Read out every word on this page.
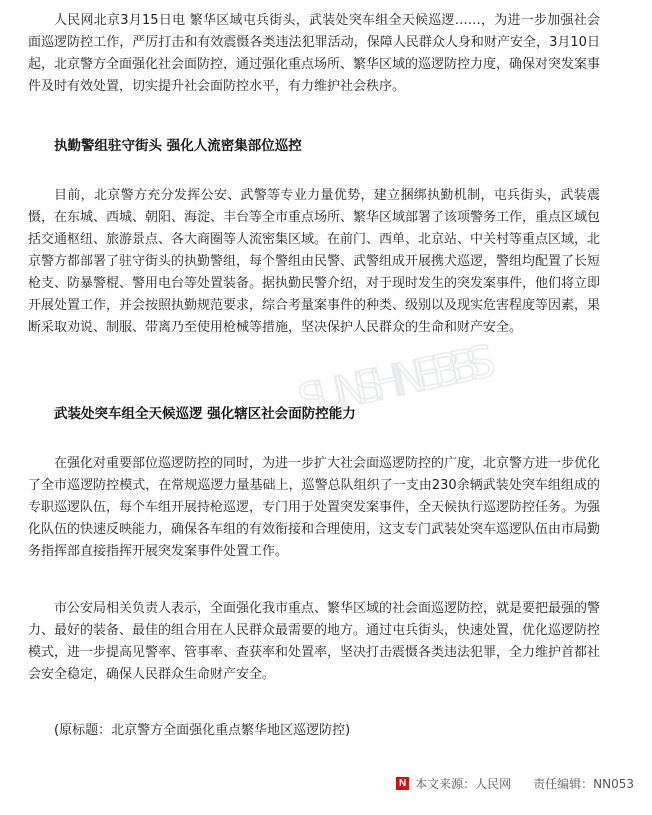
人民网北京3月15日电 繁华区域屯兵街头，武装处突车组全天候巡逻……，为进一步加强社会面巡逻防控工作，严厉打击和有效震慑各类违法犯罪活动，保障人民群众人身和财产安全，3月10日起，北京警方全面强化社会面防控，通过强化重点场所、繁华区域的巡逻防控力度，确保对突发案事件及时有效处置，切实提升社会面防控水平，有力维护社会秩序。

执勤警组驻守街头 强化人流密集部位巡控

目前，北京警方充分发挥公安、武警等专业力量优势，建立捆绑执勤机制，屯兵街头，武装震慑，在东城、西城、朝阳、海淀、丰台等全市重点场所、繁华区域部署了该项警务工作，重点区域包括交通枢纽、旅游景点、各大商圈等人流密集区域。在前门、西单、北京站、中关村等重点区域，北京警方都部署了驻守街头的执勤警组，每个警组由民警、武警组成开展携犬巡逻，警组均配置了长短枪支、防暴警棍、警用电台等处置装备。据执勤民警介绍，对于现时发生的突发案事件，他们将立即开展处置工作，并会按照执勤规范要求，综合考量案事件的种类、级别以及现实危害程度等因素，果断采取劝说、制服、带离乃至使用枪械等措施，坚决保护人民群众的生命和财产安全。

SUNSHINE BBS
武装处突车组全天候巡逻 强化辖区社会面防控能力

在强化对重要部位巡逻防控的同时，为进一步扩大社会面巡逻防控的广度，北京警方进一步优化了全市巡逻防控模式，在常规巡逻力量基础上，巡警总队组织了一支由230余辆武装处突车组组成的专职巡逻队伍，每个车组开展持枪巡逻，专门用于处置突发案事件，全天候执行巡逻防控任务。为强化队伍的快速反映能力，确保各车组的有效衔接和合理使用，这支专门武装处突车巡逻队伍由市局勤务指挥部直接指挥开展突发案事件处置工作。

市公安局相关负责人表示，全面强化我市重点、繁华区域的社会面巡逻防控，就是要把最强的警力、最好的装备、最佳的组合用在人民群众最需要的地方。通过屯兵街头，快速处置，优化巡逻防控模式，进一步提高见警率、管事率、查获率和处置率，坚决打击震慑各类违法犯罪，全力维护首都社会安全稳定，确保人民群众生命财产安全。

(原标题：北京警方全面强化重点繁华地区巡逻防控)

N 本文来源：人民网 责任编辑：NN053
